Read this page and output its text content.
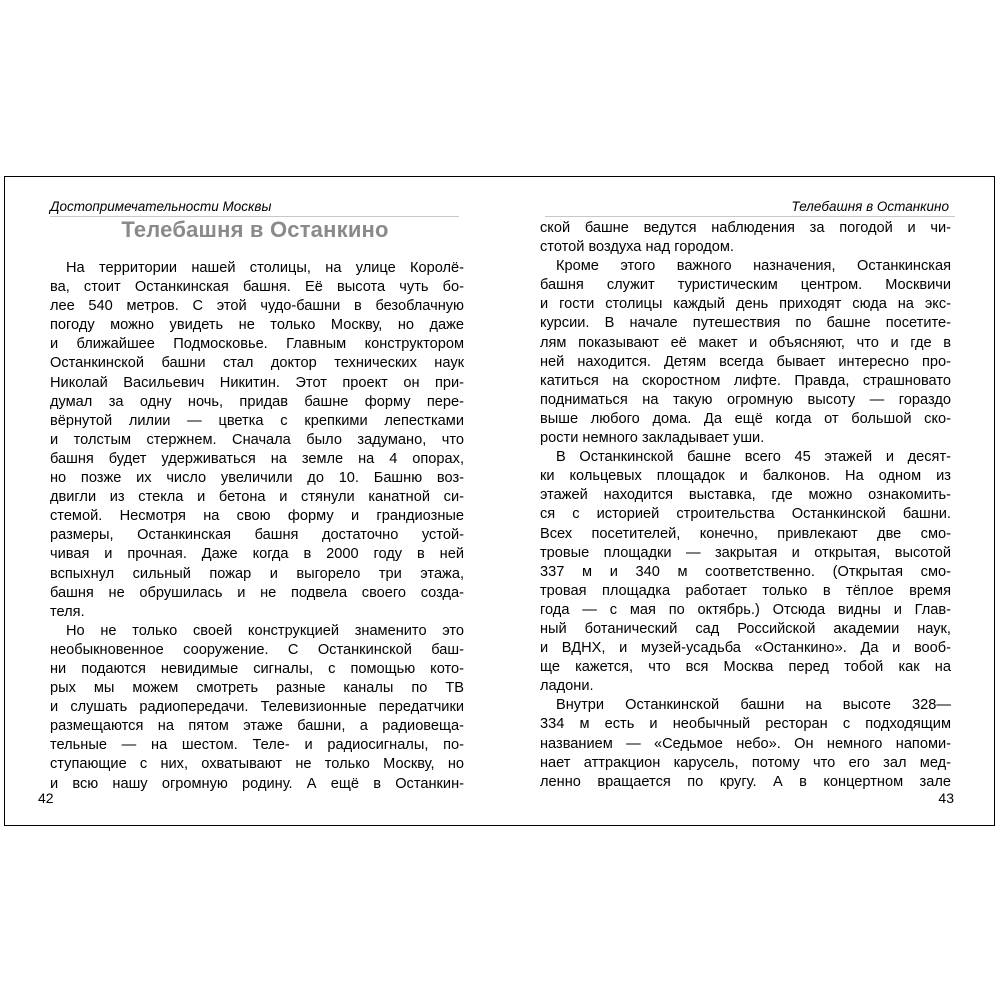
Достопримечательности Москвы
Телебашня в Останкино
На территории нашей столицы, на улице Королё-
ва, стоит Останкинская башня. Её высота чуть бо-
лее 540 метров. С этой чудо-башни в безоблачную
погоду можно увидеть не только Москву, но даже
и ближайшее Подмосковье. Главным конструктором
Останкинской башни стал доктор технических наук
Николай Васильевич Никитин. Этот проект он при-
думал за одну ночь, придав башне форму пере-
вёрнутой лилии — цветка с крепкими лепестками
и толстым стержнем. Сначала было задумано, что
башня будет удерживаться на земле на 4 опорах,
но позже их число увеличили до 10. Башню воз-
двигли из стекла и бетона и стянули канатной си-
стемой. Несмотря на свою форму и грандиозные
размеры, Останкинская башня достаточно устой-
чивая и прочная. Даже когда в 2000 году в ней
вспыхнул сильный пожар и выгорело три этажа,
башня не обрушилась и не подвела своего созда-
теля.
Но не только своей конструкцией знаменито это
необыкновенное сооружение. С Останкинской баш-
ни подаются невидимые сигналы, с помощью кото-
рых мы можем смотреть разные каналы по ТВ
и слушать радиопередачи. Телевизионные передатчики
размещаются на пятом этаже башни, а радиовеща-
тельные — на шестом. Теле- и радиосигналы, по-
ступающие с них, охватывают не только Москву, но
и всю нашу огромную родину. А ещё в Останкин-
42
Телебашня в Останкино
ской башне ведутся наблюдения за погодой и чи-
стотой воздуха над городом.
Кроме этого важного назначения, Останкинская
башня служит туристическим центром. Москвичи
и гости столицы каждый день приходят сюда на экс-
курсии. В начале путешествия по башне посетите-
лям показывают её макет и объясняют, что и где в
ней находится. Детям всегда бывает интересно про-
катиться на скоростном лифте. Правда, страшновато
подниматься на такую огромную высоту — гораздо
выше любого дома. Да ещё когда от большой ско-
рости немного закладывает уши.
В Останкинской башне всего 45 этажей и десят-
ки кольцевых площадок и балконов. На одном из
этажей находится выставка, где можно ознакомить-
ся с историей строительства Останкинской башни.
Всех посетителей, конечно, привлекают две смо-
тровые площадки — закрытая и открытая, высотой
337 м и 340 м соответственно. (Открытая смо-
тровая площадка работает только в тёплое время
года — с мая по октябрь.) Отсюда видны и Глав-
ный ботанический сад Российской академии наук,
и ВДНХ, и музей-усадьба «Останкино». Да и вооб-
ще кажется, что вся Москва перед тобой как на
ладони.
Внутри Останкинской башни на высоте 328—
334 м есть и необычный ресторан с подходящим
названием — «Седьмое небо». Он немного напоми-
нает аттракцион карусель, потому что его зал мед-
ленно вращается по кругу. А в концертном зале
43
